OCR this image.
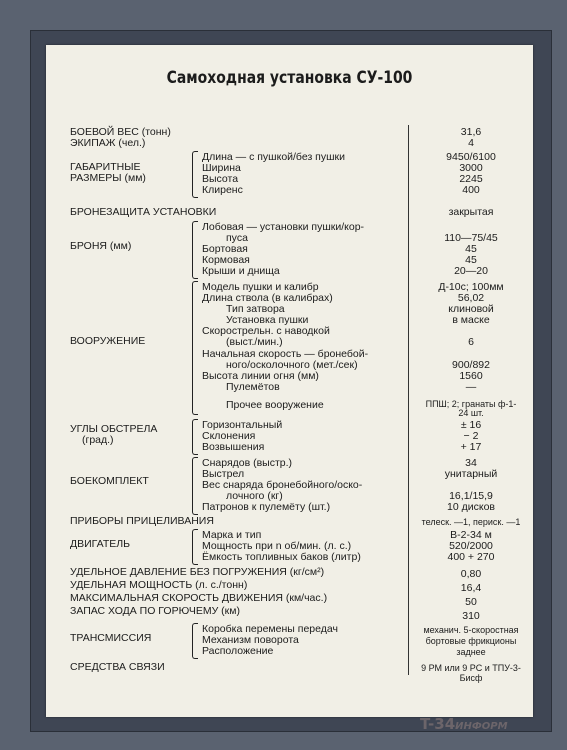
Самоходная установка СУ-100
БОЕВОЙ ВЕС (тонн)	31,6
ЭКИПАЖ (чел.)	4
ГАБАРИТНЫЕ
РАЗМЕРЫ (мм)
Длина — с пушкой/без пушки	9450/6100
Ширина	3000
Высота	2245
Клиренс	400
БРОНЕЗАЩИТА УСТАНОВКИ	закрытая
БРОНЯ (мм)
Лобовая — установки пушки/кор-
пуса	110—75/45
Бортовая	45
Кормовая	45
Крыши и днища	20—20
ВООРУЖЕНИЕ
Модель пушки и калибр	Д-10с; 100мм
Длина ствола (в калибрах)	56,02
Тип затвора	клиновой
Установка пушки	в маске
Скорострельн. с наводкой
(выст./мин.)	6
Начальная скорость — бронебой-
ного/осколочного (мет./сек)	900/892
Высота линии огня (мм)	1560
Пулемётов	—
Прочее вооружение	ППШ; 2; гранаты ф-1-
24 шт.
УГЛЫ ОБСТРЕЛА
(град.)
Горизонтальный	± 16
Склонения	− 2
Возвышения	+ 17
БОЕКОМПЛЕКТ
Снарядов (выстр.)	34
Выстрел	унитарный
Вес снаряда бронебойного/оско-
лочного (кг)	16,1/15,9
Патронов к пулемёту (шт.)	10 дисков
ПРИБОРЫ ПРИЦЕЛИВАНИЯ	телеск. —1, периск. —1
ДВИГАТЕЛЬ
Марка и тип	В-2-34 м
Мощность при n об/мин. (л. с.)	520/2000
Ёмкость топливных баков (литр)	400 + 270
УДЕЛЬНОЕ ДАВЛЕНИЕ БЕЗ ПОГРУЖЕНИЯ (кг/см²)	0,80
УДЕЛЬНАЯ МОЩНОСТЬ (л. с./тонн)	16,4
МАКСИМАЛЬНАЯ СКОРОСТЬ ДВИЖЕНИЯ (км/час.)	50
ЗАПАС ХОДА ПО ГОРЮЧЕМУ (км)	310
ТРАНСМИССИЯ
Коробка перемены передач	механич. 5-скоростная
Механизм поворота	бортовые фрикционы
Расположение	заднее
СРЕДСТВА СВЯЗИ	9 РМ или 9 РС и ТПУ-3-
Бисф
T-34ИНФОРМ
